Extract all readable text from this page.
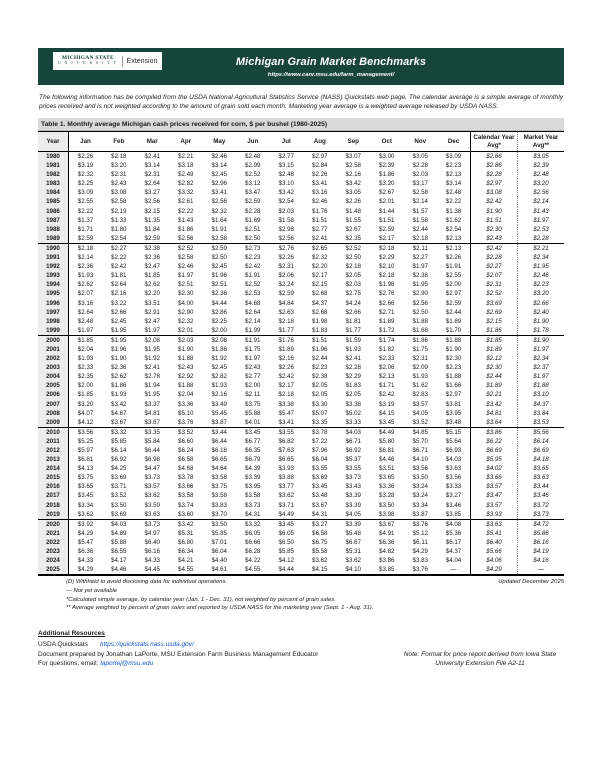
MICHIGAN STATE
U N I V E R S I T Y Extension	Michigan Grain Market Benchmarks
https://www.canr.msu.edu/farm_management/

The following information has be compiled from the USDA National Agricultural Statistics Service (NASS) Quickstats web page. The calendar average is a simple average of monthly prices received and is not weighted according to the amount of grain sold each month. Marketing year average is a weighted average released by USDA NASS.

Table 1. Monthly average Michigan cash prices received for corn, $ per bushel (1980-2025)
Year	Jan	Feb	Mar	Apr	May	Jun	Jul	Aug	Sep	Oct	Nov	Dec	Calendar Year Avg*	Market Year Avg**
1980	$2.26	$2.18	$2.41	$2.21	$2.46	$2.48	$2.77	$2.97	$3.07	$3.00	$3.05	$3.09	$2.66	$3.05
1981	$3.19	$3.20	$3.14	$3.18	$3.14	$2.99	$3.15	$2.84	$2.58	$2.39	$2.28	$2.23	$2.86	$2.39
1982	$2.32	$2.31	$2.31	$2.49	$2.45	$2.52	$2.48	$2.26	$2.16	$1.86	$2.03	$2.13	$2.28	$2.48
1983	$2.25	$2.43	$2.64	$2.82	$2.96	$3.12	$3.10	$3.41	$3.42	$3.20	$3.17	$3.14	$2.97	$3.20
1984	$3.09	$3.08	$3.27	$3.32	$3.41	$3.47	$3.42	$3.16	$3.05	$2.67	$2.58	$2.48	$3.08	$2.56
1985	$2.55	$2.58	$2.56	$2.61	$2.56	$2.59	$2.54	$2.46	$2.26	$2.01	$2.14	$2.22	$2.42	$2.14
1986	$2.22	$2.19	$2.15	$2.22	$2.32	$2.28	$2.03	$1.76	$1.48	$1.44	$1.57	$1.38	$1.90	$1.43
1987	$1.37	$1.33	$1.35	$1.43	$1.64	$1.69	$1.58	$1.51	$1.55	$1.51	$1.58	$1.62	$1.51	$1.97
1988	$1.71	$1.80	$1.84	$1.86	$1.91	$2.51	$2.98	$2.77	$2.67	$2.59	$2.44	$2.54	$2.30	$2.53
1989	$2.59	$2.54	$2.59	$2.56	$2.58	$2.50	$2.56	$2.41	$2.35	$2.17	$2.18	$2.13	$2.43	$2.28
1990	$2.18	$2.27	$2.38	$2.52	$2.59	$2.73	$2.76	$2.65	$2.52	$2.18	$2.11	$2.13	$2.42	$2.21
1991	$2.14	$2.22	$2.36	$2.58	$2.50	$2.23	$2.26	$2.32	$2.50	$2.29	$2.27	$2.26	$2.28	$2.34
1992	$2.36	$2.42	$2.47	$2.46	$2.45	$2.42	$2.31	$2.20	$2.18	$2.10	$1.97	$1.91	$2.27	$1.95
1993	$1.93	$1.81	$1.85	$1.97	$1.96	$1.91	$2.06	$2.17	$2.05	$2.18	$2.38	$2.55	$2.07	$2.46
1994	$2.62	$2.64	$2.62	$2.51	$2.51	$2.52	$2.24	$2.15	$2.03	$1.98	$1.95	$2.00	$2.31	$2.23
1995	$2.07	$2.16	$2.20	$2.30	$2.36	$2.53	$2.59	$2.68	$2.75	$2.76	$2.90	$2.97	$2.52	$3.20
1996	$3.16	$3.22	$3.51	$4.00	$4.44	$4.68	$4.84	$4.37	$4.24	$2.66	$2.56	$2.59	$3.69	$2.66
1997	$2.64	$2.66	$2.91	$2.90	$2.86	$2.64	$2.63	$2.68	$2.66	$2.71	$2.50	$2.44	$2.69	$2.40
1998	$2.48	$2.45	$2.47	$2.32	$2.25	$2.14	$2.18	$1.98	$1.81	$1.89	$1.88	$1.89	$2.15	$1.90
1999	$1.97	$1.95	$1.97	$2.01	$2.00	$1.99	$1.77	$1.83	$1.77	$1.72	$1.68	$1.70	$1.86	$1.78
2000	$1.85	$1.95	$2.08	$2.03	$2.08	$1.91	$1.76	$1.51	$1.59	$1.74	$1.86	$1.88	$1.85	$1.90
2001	$2.04	$1.96	$1.95	$1.90	$1.86	$1.75	$1.89	$1.96	$1.93	$1.82	$1.75	$1.90	$1.89	$1.97
2002	$1.93	$1.90	$1.92	$1.88	$1.92	$1.97	$2.16	$2.44	$2.41	$2.33	$2.31	$2.30	$2.12	$2.34
2003	$2.33	$2.36	$2.41	$2.43	$2.45	$2.43	$2.26	$2.23	$2.28	$2.06	$2.09	$2.23	$2.30	$2.37
2004	$2.35	$2.62	$2.78	$2.92	$2.82	$2.77	$2.42	$2.38	$2.29	$2.13	$1.93	$1.88	$2.44	$1.97
2005	$2.00	$1.86	$1.94	$1.88	$1.93	$2.00	$2.17	$2.05	$1.83	$1.71	$1.62	$1.66	$1.89	$1.88
2006	$1.85	$1.93	$1.95	$2.04	$2.16	$2.11	$2.18	$2.05	$2.05	$2.42	$2.83	$2.97	$2.21	$3.10
2007	$3.20	$3.42	$3.37	$3.36	$3.49	$3.75	$3.38	$3.30	$3.38	$3.19	$3.57	$3.81	$3.42	$4.37
2008	$4.07	$4.67	$4.81	$5.10	$5.45	$5.88	$5.47	$5.07	$5.02	$4.15	$4.05	$3.95	$4.81	$3.84
2009	$4.12	$3.67	$3.67	$3.76	$3.87	$4.01	$3.41	$3.35	$3.33	$3.45	$3.52	$3.48	$3.64	$3.53
2010	$3.56	$3.32	$3.35	$3.52	$3.44	$3.45	$3.55	$3.78	$4.03	$4.49	$4.85	$5.15	$3.86	$5.56
2011	$5.25	$5.85	$5.84	$6.60	$6.44	$6.77	$6.82	$7.22	$6.71	$5.80	$5.70	$5.64	$6.22	$6.14
2012	$5.97	$6.14	$6.44	$6.24	$6.18	$6.35	$7.63	$7.96	$6.92	$6.81	$6.71	$6.93	$6.69	$6.69
2013	$6.81	$6.92	$6.98	$6.58	$6.65	$6.79	$6.65	$6.04	$5.37	$4.46	$4.10	$4.03	$5.95	$4.18
2014	$4.13	$4.25	$4.47	$4.68	$4.64	$4.39	$3.93	$3.55	$3.55	$3.51	$3.56	$3.63	$4.02	$3.65
2015	$3.75	$3.69	$3.73	$3.78	$3.58	$3.39	$3.88	$3.69	$3.73	$3.65	$3.50	$3.56	$3.66	$3.63
2016	$3.65	$3.71	$3.57	$3.66	$3.75	$3.95	$3.77	$3.45	$3.43	$3.36	$3.24	$3.33	$3.57	$3.44
2017	$3.45	$3.52	$3.62	$3.58	$3.58	$3.58	$3.62	$3.48	$3.39	$3.28	$3.24	$3.27	$3.47	$3.46
2018	$3.34	$3.50	$3.59	$3.74	$3.83	$3.73	$3.71	$3.67	$3.39	$3.50	$3.34	$3.46	$3.57	$3.72
2019	$3.62	$3.69	$3.63	$3.60	$3.70	$4.31	$4.49	$4.31	$4.05	$3.98	$3.87	$3.85	$3.93	$3.73
2020	$3.92	$4.03	$3.73	$3.42	$3.50	$3.32	$3.45	$3.27	$3.39	$3.67	$3.76	$4.08	$3.63	$4.72
2021	$4.29	$4.89	$4.97	$5.31	$5.85	$6.05	$6.05	$6.58	$5.48	$4.91	$5.12	$5.36	$5.41	$5.86
2022	$5.47	$5.88	$6.40	$6.80	$7.01	$6.66	$6.50	$6.75	$6.67	$6.36	$6.11	$6.17	$6.40	$6.16
2023	$6.36	$6.55	$6.16	$6.34	$6.04	$6.28	$5.85	$5.58	$5.31	$4.82	$4.29	$4.37	$5.66	$4.19
2024	$4.33	$4.17	$4.33	$4.21	$4.40	$4.22	$4.12	$3.62	$3.62	$3.86	$3.83	$4.04	$4.06	$4.16
2025	$4.29	$4.46	$4.45	$4.55	$4.61	$4.55	$4.44	$4.15	$4.10	$3.85	$3.76	—	$4.29	—
(D) Withheld to avoid disclosing data for individual operations.	Updated December 2025
— Not yet available
*Calculated simple average, by calendar year (Jan. 1 - Dec. 31), not weighted by percent of grain sales.
** Average weighted by percent of grain sales and reported by USDA NASS for the marketing year (Sept. 1 - Aug. 31).
Additional Resources
USDA Quickstats https://quickstats.nass.usda.gov/
Document prepared by Jonathan LaPorte, MSU Extension Farm Business Management Educator
For questions, email: laportej@msu.edu
Note: Format for price report derived from Iowa State University Extension File A2-11
